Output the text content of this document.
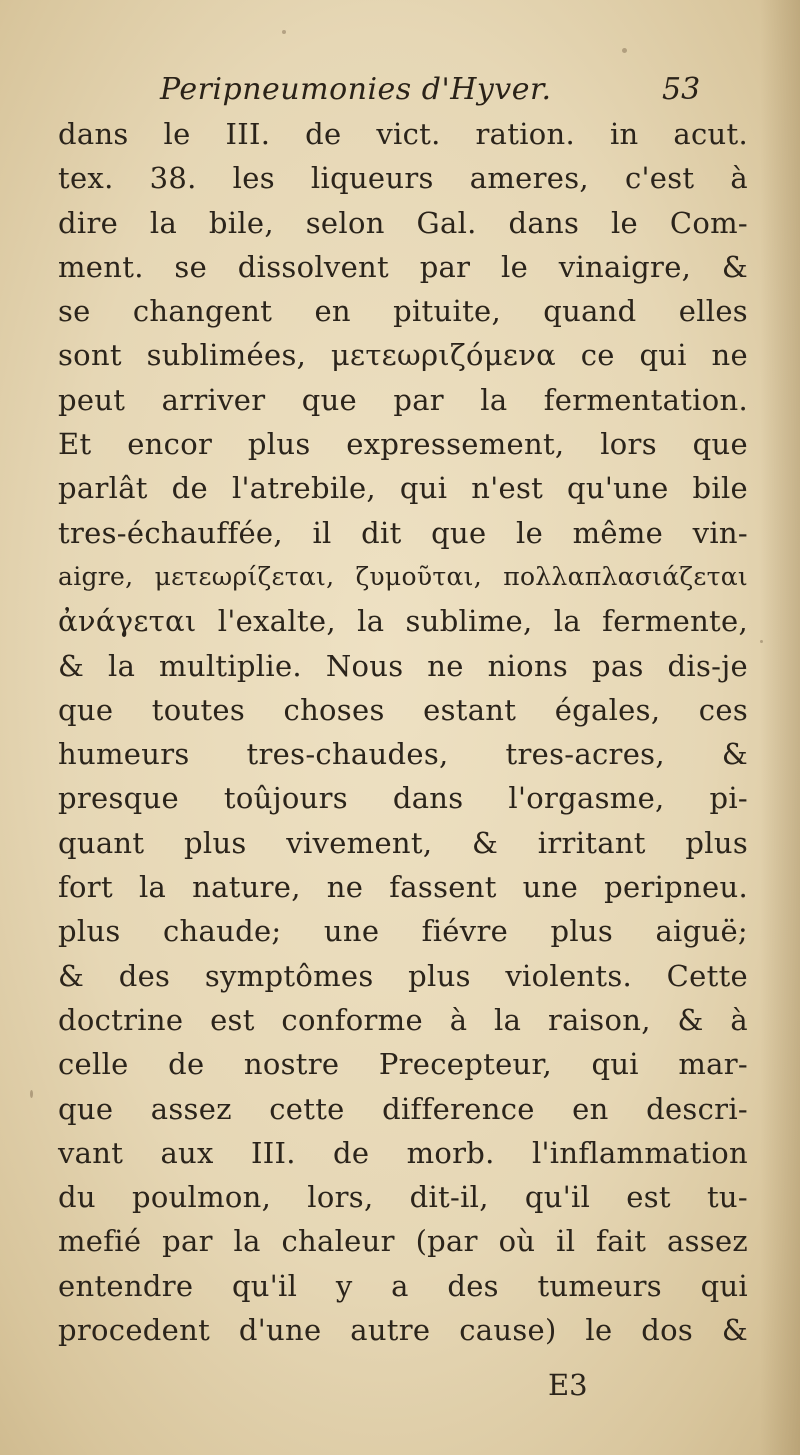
Peripneumonies d'Hyver.	53
dans le III. de vict. ration. in acut.
tex. 38. les liqueurs ameres, c'est à
dire la bile, selon Gal. dans le Com-
ment. se dissolvent par le vinaigre, &
se changent en pituite, quand elles
sont sublimées, μετεωριζόμενα ce qui ne
peut arriver que par la fermentation.
Et encor plus expressement, lors que
parlât de l'atrebile, qui n'est qu'une bile
tres-échauffée, il dit que le même vin-
aigre, μετεωρίζεται, ζυμοῦται, πολλαπλασιάζεται
ἀνάγεται l'exalte, la sublime, la fermente,
& la multiplie. Nous ne nions pas dis-je
que toutes choses estant égales, ces
humeurs tres-chaudes, tres-acres, &
presque toûjours dans l'orgasme, pi-
quant plus vivement, & irritant plus
fort la nature, ne fassent une peripneu.
plus chaude; une fiévre plus aiguë;
& des symptômes plus violents. Cette
doctrine est conforme à la raison, & à
celle de nostre Precepteur, qui mar-
que assez cette difference en descri-
vant aux III. de morb. l'inflammation
du poulmon, lors, dit-il, qu'il est tu-
mefié par la chaleur (par où il fait assez
entendre qu'il y a des tumeurs qui
procedent d'une autre cause) le dos &
E3
